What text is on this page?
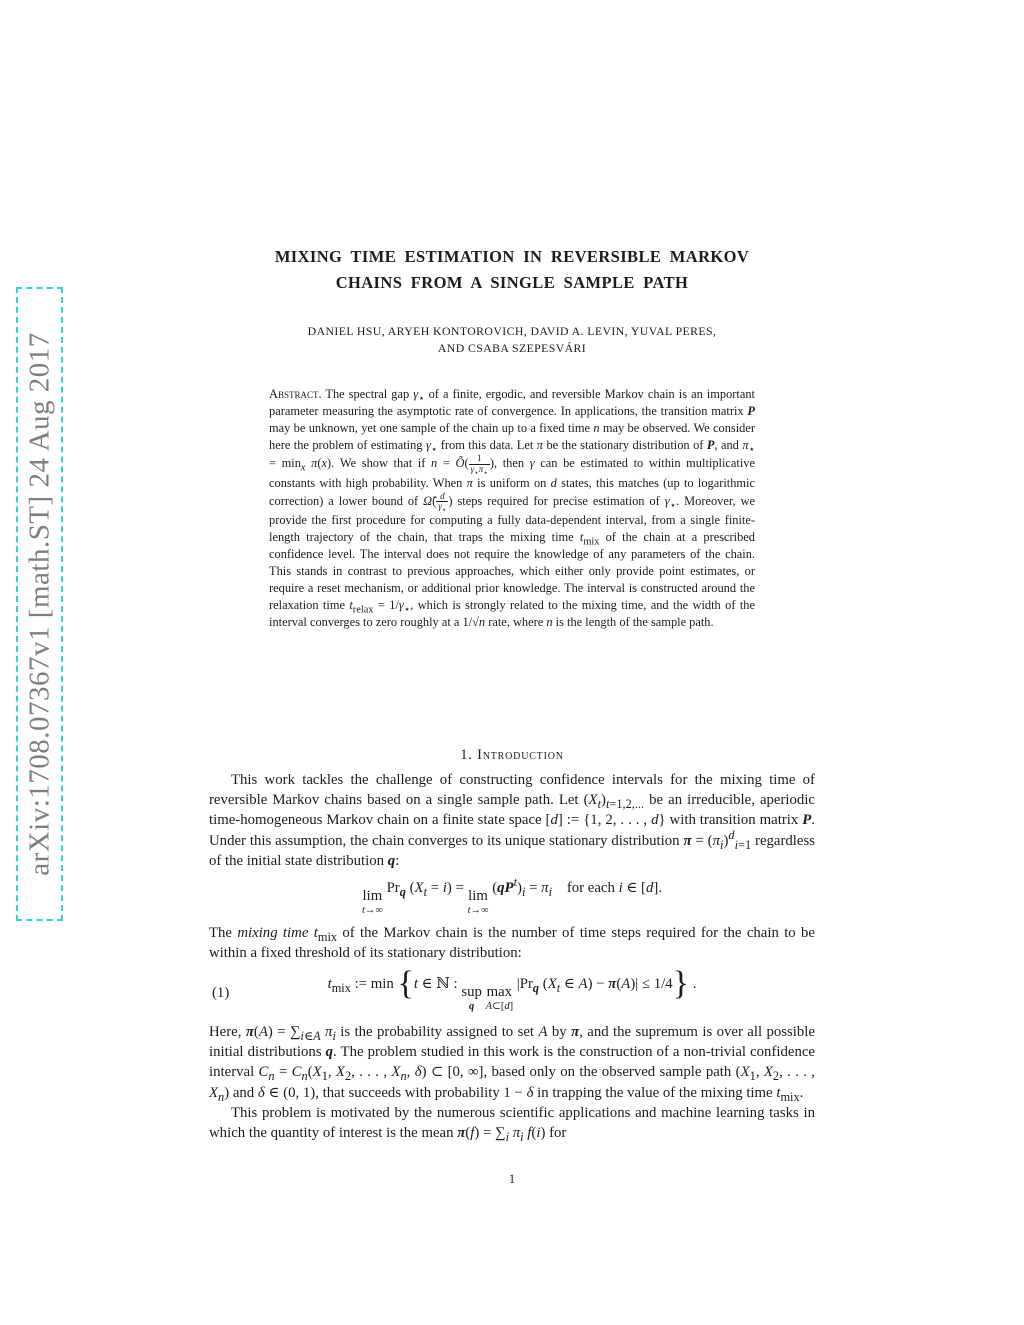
arXiv:1708.07367v1 [math.ST] 24 Aug 2017
MIXING TIME ESTIMATION IN REVERSIBLE MARKOV
CHAINS FROM A SINGLE SAMPLE PATH
DANIEL HSU, ARYEH KONTOROVICH, DAVID A. LEVIN, YUVAL PERES,
AND CSABA SZEPESVÁRI
Abstract. The spectral gap $\gamma_⋆$ of a finite, ergodic, and reversible Markov chain is an important parameter measuring the asymptotic rate of convergence. In applications, the transition matrix P may be unknown, yet one sample of the chain up to a fixed time n may be observed. We consider here the problem of estimating $\gamma_⋆$ from this data. Let π be the stationary distribution of P, and $\pi_⋆ = \min_x \pi(x)$. We show that if n = Õ( $\frac{1}{\gamma_⋆\pi_⋆}$ ), then γ can be estimated to within multiplicative constants with high probability. When π is uniform on d states, this matches (up to logarithmic correction) a lower bound of Ω̃( $\frac{d}{\gamma_⋆}$ ) steps required for precise estimation of $\gamma_⋆$. Moreover, we provide the first procedure for computing a fully data-dependent interval, from a single finite-length trajectory of the chain, that traps the mixing time $t_{mix}$ of the chain at a prescribed confidence level. The interval does not require the knowledge of any parameters of the chain. This stands in contrast to previous approaches, which either only provide point estimates, or require a reset mechanism, or additional prior knowledge. The interval is constructed around the relaxation time $t_{relax} = 1/\gamma_⋆$, which is strongly related to the mixing time, and the width of the interval converges to zero roughly at a 1/√n rate, where n is the length of the sample path.
1. Introduction
This work tackles the challenge of constructing confidence intervals for the mixing time of reversible Markov chains based on a single sample path. Let $(X_t)_{t=1,2,...}$ be an irreducible, aperiodic time-homogeneous Markov chain on a finite state space [d] := {1, 2, . . . , d} with transition matrix P. Under this assumption, the chain converges to its unique stationary distribution $\pi = (\pi_i)^d_{i=1}$ regardless of the initial state distribution q:
lim
t→∞
$Pr_q$ $(X_t = i) = \lim$
t→∞
$(qP^t)_i = \pi_i$    for each i ∈ [d].
The mixing time $t_{mix}$ of the Markov chain is the number of time steps required for the chain to be within a fixed threshold of its stationary distribution:
(1)
$t_{mix}$ := min {t ∈ ℕ : sup
q

max
A⊂[d]
$|Pr_q$ ($X_t$ ∈ A) − π(A)| ≤ 1/4} .
Here, $\pi(A) = \sum_{i\in A}$ $\pi_i$ is the probability assigned to set A by π, and the supremum is over all possible initial distributions q. The problem studied in this work is the construction of a non-trivial confidence interval $C_n = C_n(X_1$, $X_2$, . . . , $X_n$, δ) ⊂ [0, ∞], based only on the observed sample path ($X_1$, $X_2$, . . . , $X_n$) and δ ∈ (0, 1), that succeeds with probability 1 − δ in trapping the value of the mixing time $t_{mix}$.
This problem is motivated by the numerous scientific applications and machine learning tasks in which the quantity of interest is the mean $\pi(f) = \sum_i$ $\pi_i$ f(i) for
1
